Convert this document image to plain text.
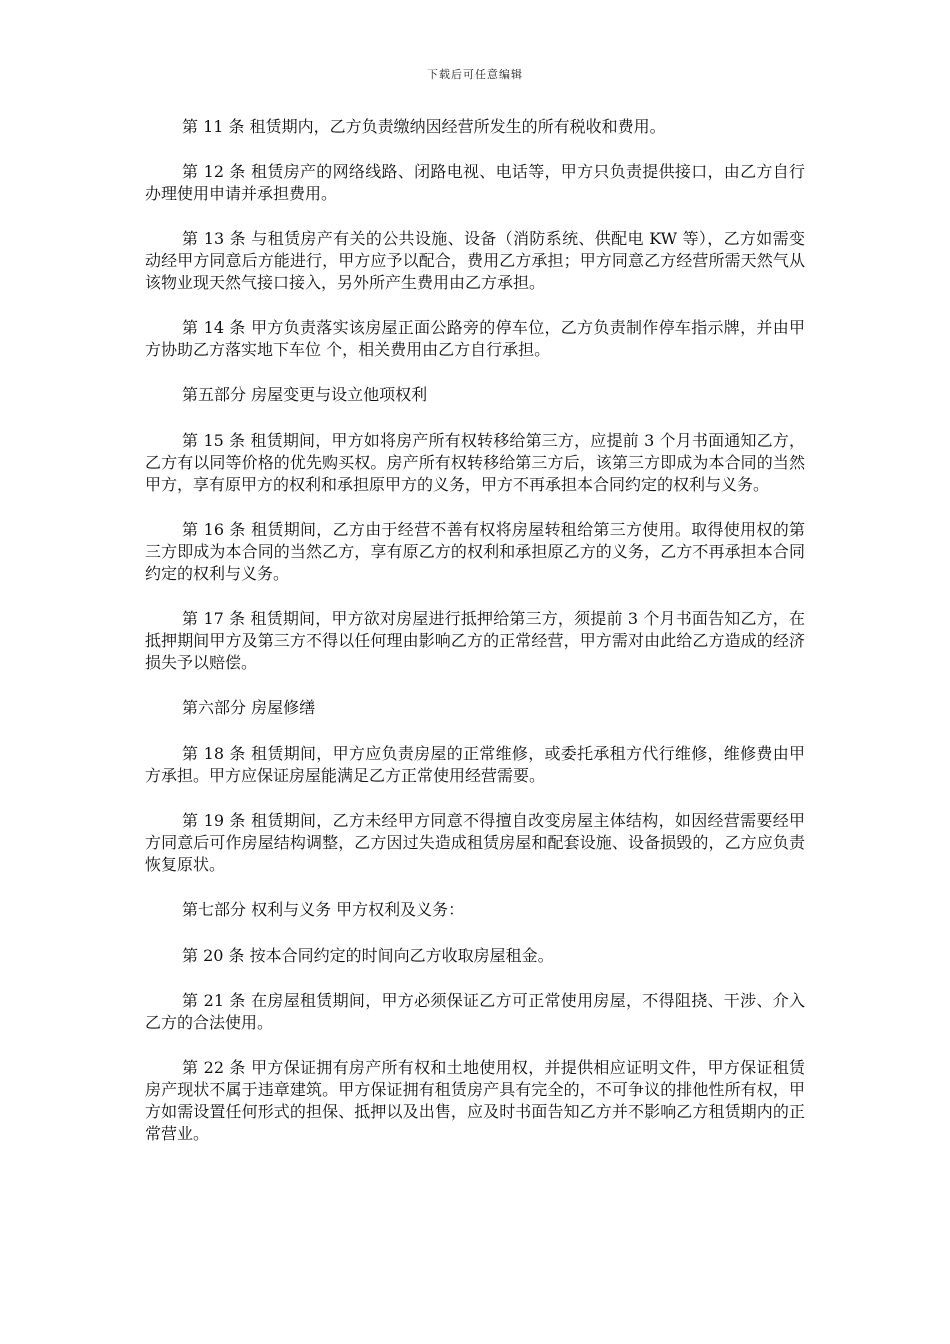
下载后可任意编辑

第 11 条 租赁期内，乙方负责缴纳因经营所发生的所有税收和费用。

第 12 条 租赁房产的网络线路、闭路电视、电话等，甲方只负责提供接口，由乙方自行办理使用申请并承担费用。

第 13 条 与租赁房产有关的公共设施、设备（消防系统、供配电 KW 等），乙方如需变动经甲方同意后方能进行，甲方应予以配合，费用乙方承担；甲方同意乙方经营所需天然气从该物业现天然气接口接入，另外所产生费用由乙方承担。

第 14 条 甲方负责落实该房屋正面公路旁的停车位，乙方负责制作停车指示牌，并由甲方协助乙方落实地下车位 个，相关费用由乙方自行承担。

第五部分 房屋变更与设立他项权利

第 15 条 租赁期间，甲方如将房产所有权转移给第三方，应提前 3 个月书面通知乙方，乙方有以同等价格的优先购买权。房产所有权转移给第三方后，该第三方即成为本合同的当然甲方，享有原甲方的权利和承担原甲方的义务，甲方不再承担本合同约定的权利与义务。

第 16 条 租赁期间，乙方由于经营不善有权将房屋转租给第三方使用。取得使用权的第三方即成为本合同的当然乙方，享有原乙方的权利和承担原乙方的义务，乙方不再承担本合同约定的权利与义务。

第 17 条 租赁期间，甲方欲对房屋进行抵押给第三方，须提前 3 个月书面告知乙方，在抵押期间甲方及第三方不得以任何理由影响乙方的正常经营，甲方需对由此给乙方造成的经济损失予以赔偿。

第六部分 房屋修缮

第 18 条 租赁期间，甲方应负责房屋的正常维修，或委托承租方代行维修，维修费由甲方承担。甲方应保证房屋能满足乙方正常使用经营需要。

第 19 条 租赁期间，乙方未经甲方同意不得擅自改变房屋主体结构，如因经营需要经甲方同意后可作房屋结构调整，乙方因过失造成租赁房屋和配套设施、设备损毁的，乙方应负责恢复原状。

第七部分 权利与义务 甲方权利及义务：

第 20 条 按本合同约定的时间向乙方收取房屋租金。

第 21 条 在房屋租赁期间，甲方必须保证乙方可正常使用房屋，不得阻挠、干涉、介入乙方的合法使用。

第 22 条 甲方保证拥有房产所有权和土地使用权，并提供相应证明文件，甲方保证租赁房产现状不属于违章建筑。甲方保证拥有租赁房产具有完全的，不可争议的排他性所有权，甲方如需设置任何形式的担保、抵押以及出售，应及时书面告知乙方并不影响乙方租赁期内的正常营业。
